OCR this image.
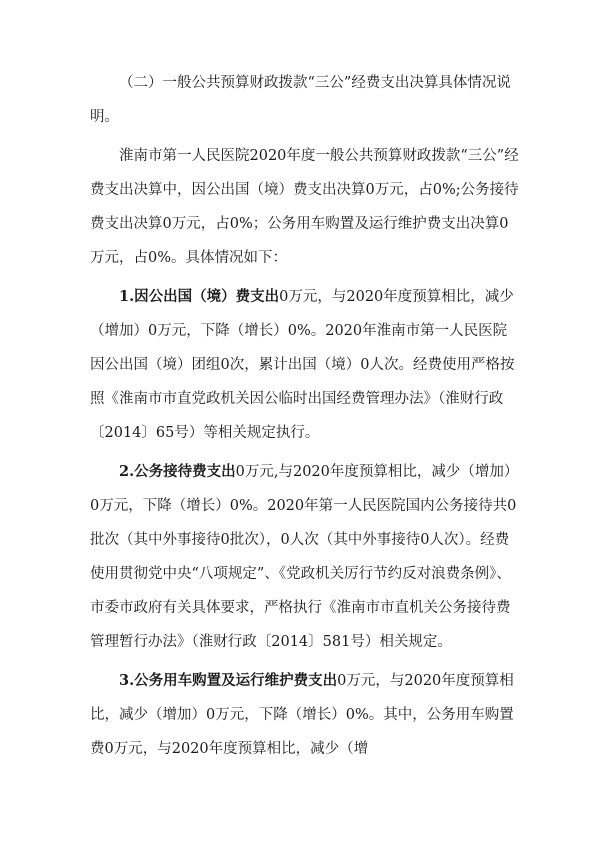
（二）一般公共预算财政拨款“三公”经费支出决算具体情况说明。

淮南市第一人民医院2020年度一般公共预算财政拨款“三公”经费支出决算中，因公出国（境）费支出决算0万元，占0%;公务接待费支出决算0万元，占0%；公务用车购置及运行维护费支出决算0万元，占0%。具体情况如下：

1.因公出国（境）费支出0万元，与2020年度预算相比，减少（增加）0万元，下降（增长）0%。2020年淮南市第一人民医院因公出国（境）团组0次，累计出国（境）0人次。经费使用严格按照《淮南市市直党政机关因公临时出国经费管理办法》（淮财行政〔2014〕65号）等相关规定执行。

2.公务接待费支出0万元,与2020年度预算相比，减少（增加）0万元，下降（增长）0%。2020年第一人民医院国内公务接待共0批次（其中外事接待0批次），0人次（其中外事接待0人次）。经费使用贯彻党中央“八项规定”、《党政机关厉行节约反对浪费条例》、市委市政府有关具体要求，严格执行《淮南市市直机关公务接待费管理暂行办法》（淮财行政〔2014〕581号）相关规定。

3.公务用车购置及运行维护费支出0万元，与2020年度预算相比，减少（增加）0万元，下降（增长）0%。其中，公务用车购置费0万元，与2020年度预算相比，减少（增
